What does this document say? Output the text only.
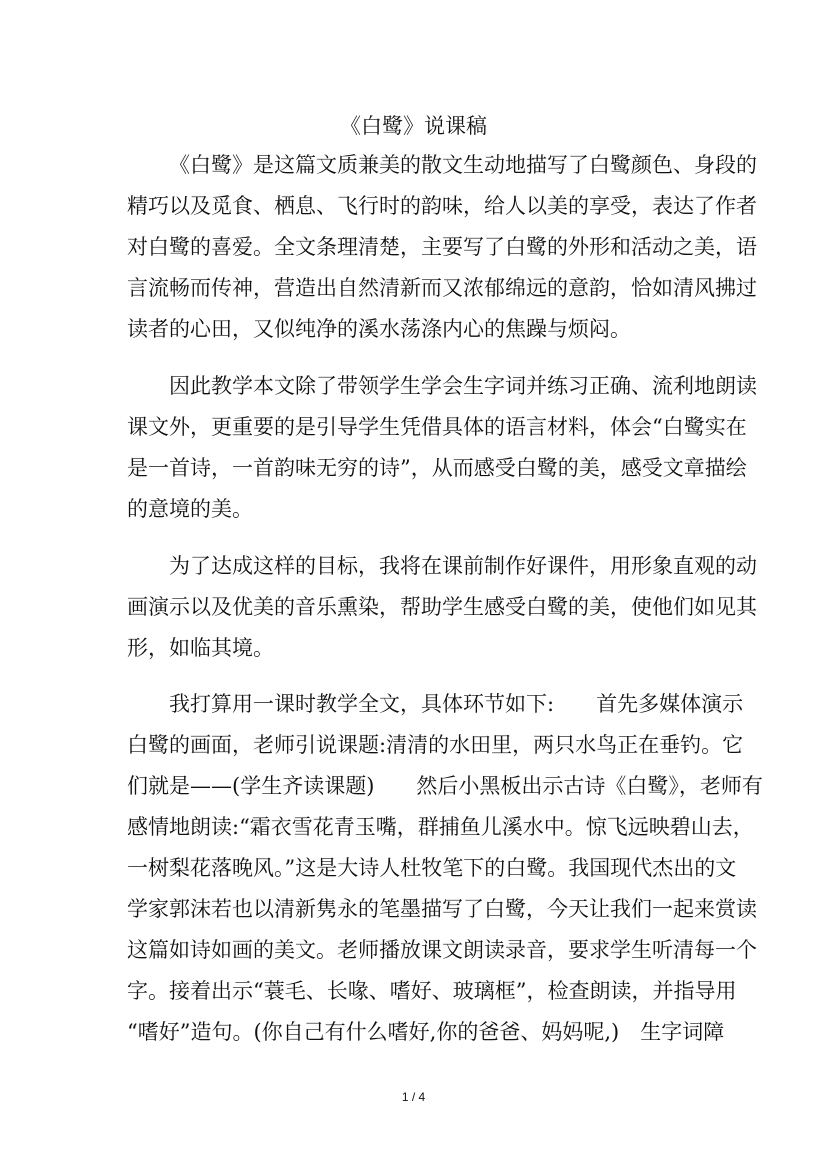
《白鹭》说课稿
《白鹭》是这篇文质兼美的散文生动地描写了白鹭颜色、身段的
精巧以及觅食、栖息、飞行时的韵味，给人以美的享受，表达了作者
对白鹭的喜爱。全文条理清楚，主要写了白鹭的外形和活动之美，语
言流畅而传神，营造出自然清新而又浓郁绵远的意韵，恰如清风拂过
读者的心田，又似纯净的溪水荡涤内心的焦躁与烦闷。
因此教学本文除了带领学生学会生字词并练习正确、流利地朗读
课文外，更重要的是引导学生凭借具体的语言材料，体会“白鹭实在
是一首诗，一首韵味无穷的诗”，从而感受白鹭的美，感受文章描绘
的意境的美。
为了达成这样的目标，我将在课前制作好课件，用形象直观的动
画演示以及优美的音乐熏染，帮助学生感受白鹭的美，使他们如见其
形，如临其境。
我打算用一课时教学全文，具体环节如下:　　首先多媒体演示
白鹭的画面，老师引说课题:清清的水田里，两只水鸟正在垂钓。它
们就是——(学生齐读课题)　　然后小黑板出示古诗《白鹭》，老师有
感情地朗读:“霜衣雪花青玉嘴，群捕鱼儿溪水中。惊飞远映碧山去，
一树梨花落晚风。”这是大诗人杜牧笔下的白鹭。我国现代杰出的文
学家郭沫若也以清新隽永的笔墨描写了白鹭，今天让我们一起来赏读
这篇如诗如画的美文。老师播放课文朗读录音，要求学生听清每一个
字。接着出示“蓑毛、长喙、嗜好、玻璃框”，检查朗读，并指导用
“嗜好”造句。(你自己有什么嗜好,你的爸爸、妈妈呢,)　生字词障
1 / 4
